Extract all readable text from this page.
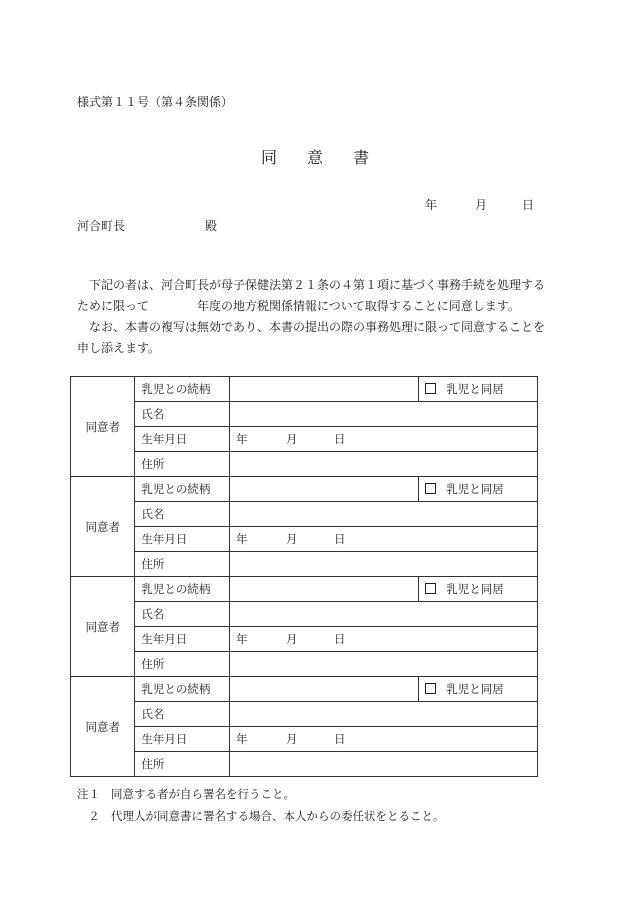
様式第１１号（第４条関係）
同意書
年	月	日
河合町長	殿
　下記の者は、河合町長が母子保健法第２１条の４第１項に基づく事務手続を処理する
ために限って	年度の地方税関係情報について取得することに同意します。
　なお、本書の複写は無効であり、本書の提出の際の事務処理に限って同意することを
申し添えます。
同意者	乳児との続柄		乳児と同居
	氏名		
	生年月日	年 月 日	
	住所		
同意者	乳児との続柄		乳児と同居
	氏名		
	生年月日	年 月 日	
	住所		
同意者	乳児との続柄		乳児と同居
	氏名		
	生年月日	年 月 日	
	住所		
同意者	乳児との続柄		乳児と同居
	氏名		
	生年月日	年 月 日	
	住所		
注１ 同意する者が自ら署名を行うこと。
２ 代理人が同意書に署名する場合、本人からの委任状をとること。
